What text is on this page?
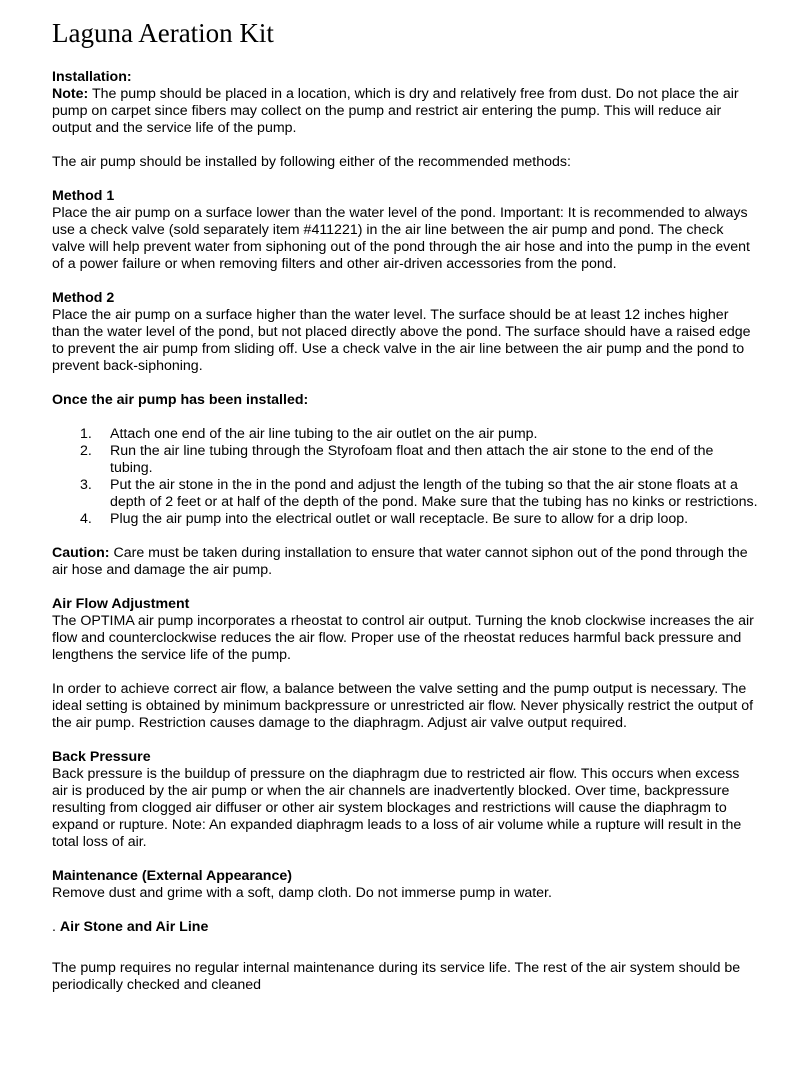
Laguna Aeration Kit

Installation:

Note: The pump should be placed in a location, which is dry and relatively free from dust. Do not place the air pump on carpet since fibers may collect on the pump and restrict air entering the pump. This will reduce air output and the service life of the pump.

The air pump should be installed by following either of the recommended methods:

Method 1

Place the air pump on a surface lower than the water level of the pond. Important: It is recommended to always use a check valve (sold separately item #411221) in the air line between the air pump and pond. The check valve will help prevent water from siphoning out of the pond through the air hose and into the pump in the event of a power failure or when removing filters and other air-driven accessories from the pond.

Method 2

Place the air pump on a surface higher than the water level. The surface should be at least 12 inches higher than the water level of the pond, but not placed directly above the pond. The surface should have a raised edge to prevent the air pump from sliding off. Use a check valve in the air line between the air pump and the pond to prevent back-siphoning.

Once the air pump has been installed:

1. Attach one end of the air line tubing to the air outlet on the air pump.
2. Run the air line tubing through the Styrofoam float and then attach the air stone to the end of the tubing.
3. Put the air stone in the in the pond and adjust the length of the tubing so that the air stone floats at a depth of 2 feet or at half of the depth of the pond. Make sure that the tubing has no kinks or restrictions.
4. Plug the air pump into the electrical outlet or wall receptacle. Be sure to allow for a drip loop.

Caution: Care must be taken during installation to ensure that water cannot siphon out of the pond through the air hose and damage the air pump.

Air Flow Adjustment

The OPTIMA air pump incorporates a rheostat to control air output. Turning the knob clockwise increases the air flow and counterclockwise reduces the air flow. Proper use of the rheostat reduces harmful back pressure and lengthens the service life of the pump.

In order to achieve correct air flow, a balance between the valve setting and the pump output is necessary. The ideal setting is obtained by minimum backpressure or unrestricted air flow. Never physically restrict the output of the air pump. Restriction causes damage to the diaphragm. Adjust air valve output required.

Back Pressure

Back pressure is the buildup of pressure on the diaphragm due to restricted air flow. This occurs when excess air is produced by the air pump or when the air channels are inadvertently blocked. Over time, backpressure resulting from clogged air diffuser or other air system blockages and restrictions will cause the diaphragm to expand or rupture. Note: An expanded diaphragm leads to a loss of air volume while a rupture will result in the total loss of air.

Maintenance (External Appearance)

Remove dust and grime with a soft, damp cloth. Do not immerse pump in water.

. Air Stone and Air Line

The pump requires no regular internal maintenance during its service life. The rest of the air system should be periodically checked and cleaned
